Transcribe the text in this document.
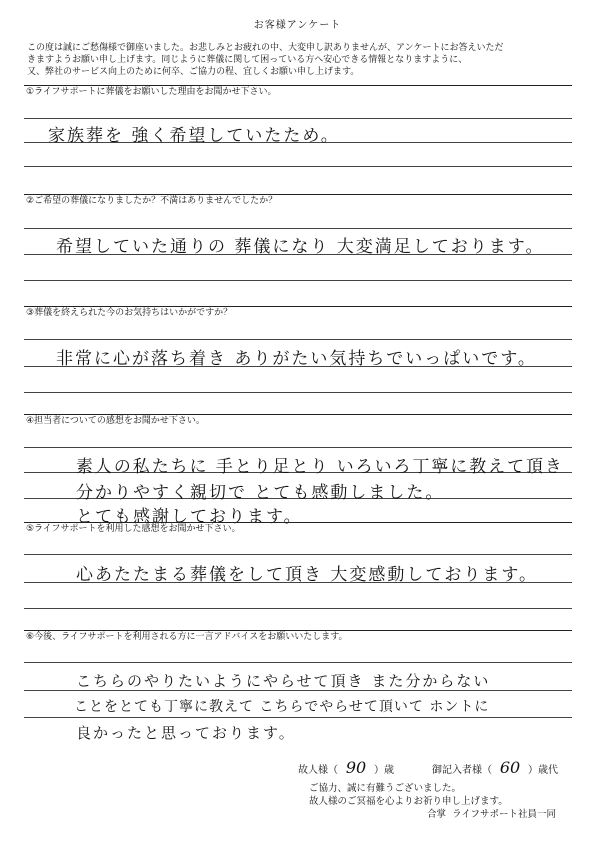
お客様アンケート
この度は誠にご愁傷様で御座いました。お悲しみとお疲れの中、大変申し訳ありませんが、アンケートにお答えいただ
きますようお願い申し上げます。同じように葬儀に関して困っている方へ安心できる情報となりますように、
又、弊社のサービス向上のために何卒、ご協力の程、宜しくお願い申し上げます。
①ライフサポートに葬儀をお願いした理由をお聞かせ下さい。
家族葬を 強く希望していたため。
②ご希望の葬儀になりましたか？不満はありませんでしたか？
希望していた通りの 葬儀になり 大変満足しております。
③葬儀を終えられた今のお気持ちはいかがですか？
非常に心が落ち着き ありがたい気持ちでいっぱいです。
④担当者についての感想をお聞かせ下さい。
素人の私たちに 手とり足とり いろいろ丁寧に教えて頂き
分かりやすく親切で とても感動しました。
とても感謝しております。
⑤ライフサポートを利用した感想をお聞かせ下さい。
心あたたまる葬儀をして頂き 大変感動しております。
⑥今後、ライフサポートを利用される方に一言アドバイスをお願いいたします。
こちらのやりたいようにやらせて頂き また分からない
ことをとても丁寧に教えて こちらでやらせて頂いて ホントに
良かったと思っております。
故人様（ 90 ）歳	御記入者様（ 60 ）歳代
ご協力、誠に有難うございました。
故人様のご冥福を心よりお祈り申し上げます。
合掌 ライフサポート社員一同
